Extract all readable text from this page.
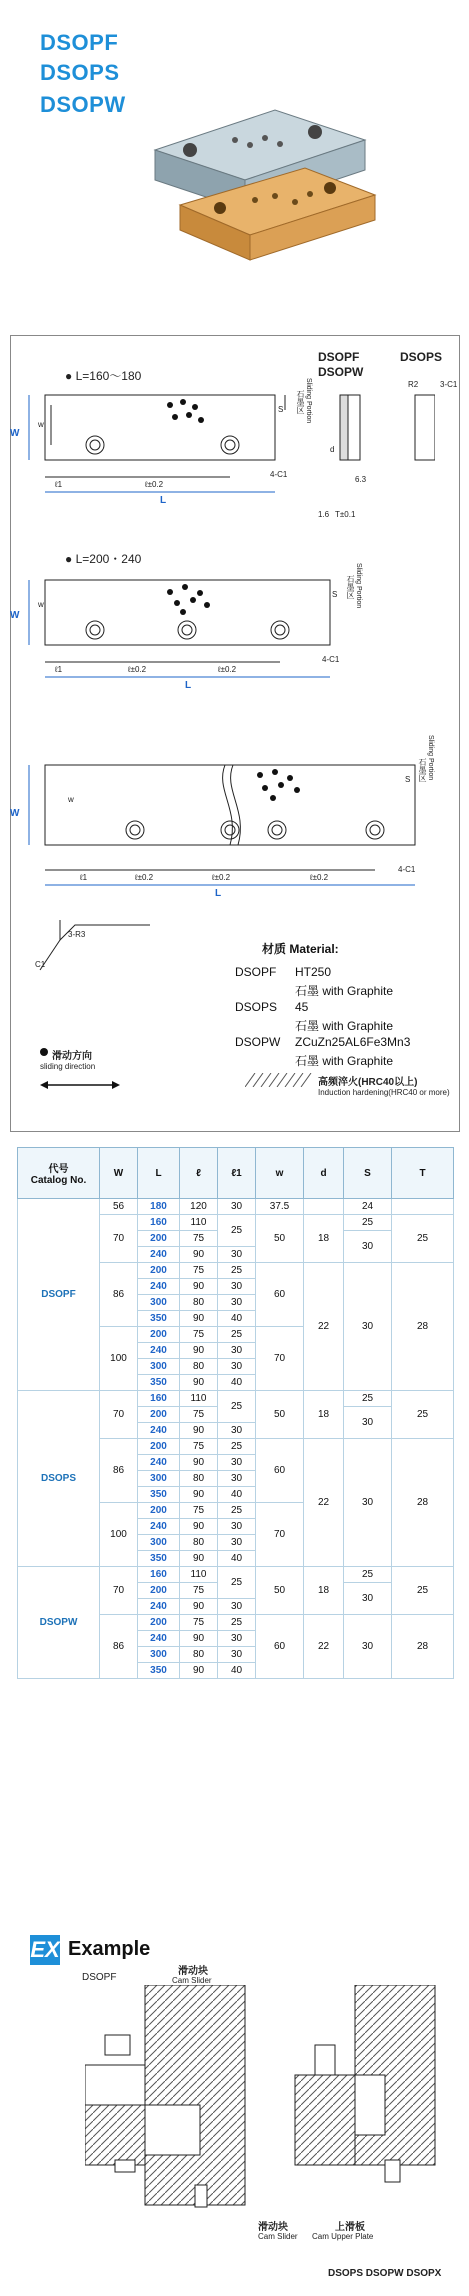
DSOPF
DSOPS
DSOPW
● L=160～180
● L=200・240
DSOPF
DSOPW
DSOPS
W
w
L
ℓ1	ℓ±0.2
S
4-C1
d
T±0.1
R2	3-C1
6.3
1.6
石墨区 Sliding Portion
W
w
L
ℓ1	ℓ±0.2	ℓ±0.2
S
4-C1
石墨区 Sliding Portion
W
w
L
ℓ1	ℓ±0.2	ℓ±0.2	ℓ±0.2
S
4-C1
石墨区 Sliding Portion
3-R3
C1
材质 Material:
DSOPF HT250
石墨 with Graphite
DSOPS 45
石墨 with Graphite
DSOPW ZCuZn25AL6Fe3Mn3
石墨 with Graphite
滑动方向
sliding direction
高频淬火(HRC40以上)
Induction hardening(HRC40 or more)
代号
Catalog No.	W	L	ℓ	ℓ1	w	d	S	T
DSOPF	56	180	120	30	37.5		24	
	70	160	110	25	50	18	25	25
		200	75				30	
		240	90	30				
	86	200	75	25	60	22	30	28
		240	90	30				
		300	80	30				
		350	90	40				
	100	200	75	25	70			
		240	90	30				
		300	80	30				
		350	90	40				
DSOPS	70	160	110	25	50	18	25	25
		200	75				30	
		240	90	30				
	86	200	75	25	60	22	30	28
		240	90	30				
		300	80	30				
		350	90	40				
	100	200	75	25	70			
		240	90	30				
		300	80	30				
		350	90	40				
DSOPW	70	160	110	25	50	18	25	25
		200	75				30	
		240	90	30				
	86	200	75	25	60	22	30	28
		240	90	30				
		300	80	30				
		350	90	40				
EX Example
DSOPF
滑动块
Cam Slider
滑动块
Cam Slider
上滑板
Cam Upper Plate
DSOPS DSOPW DSOPX
